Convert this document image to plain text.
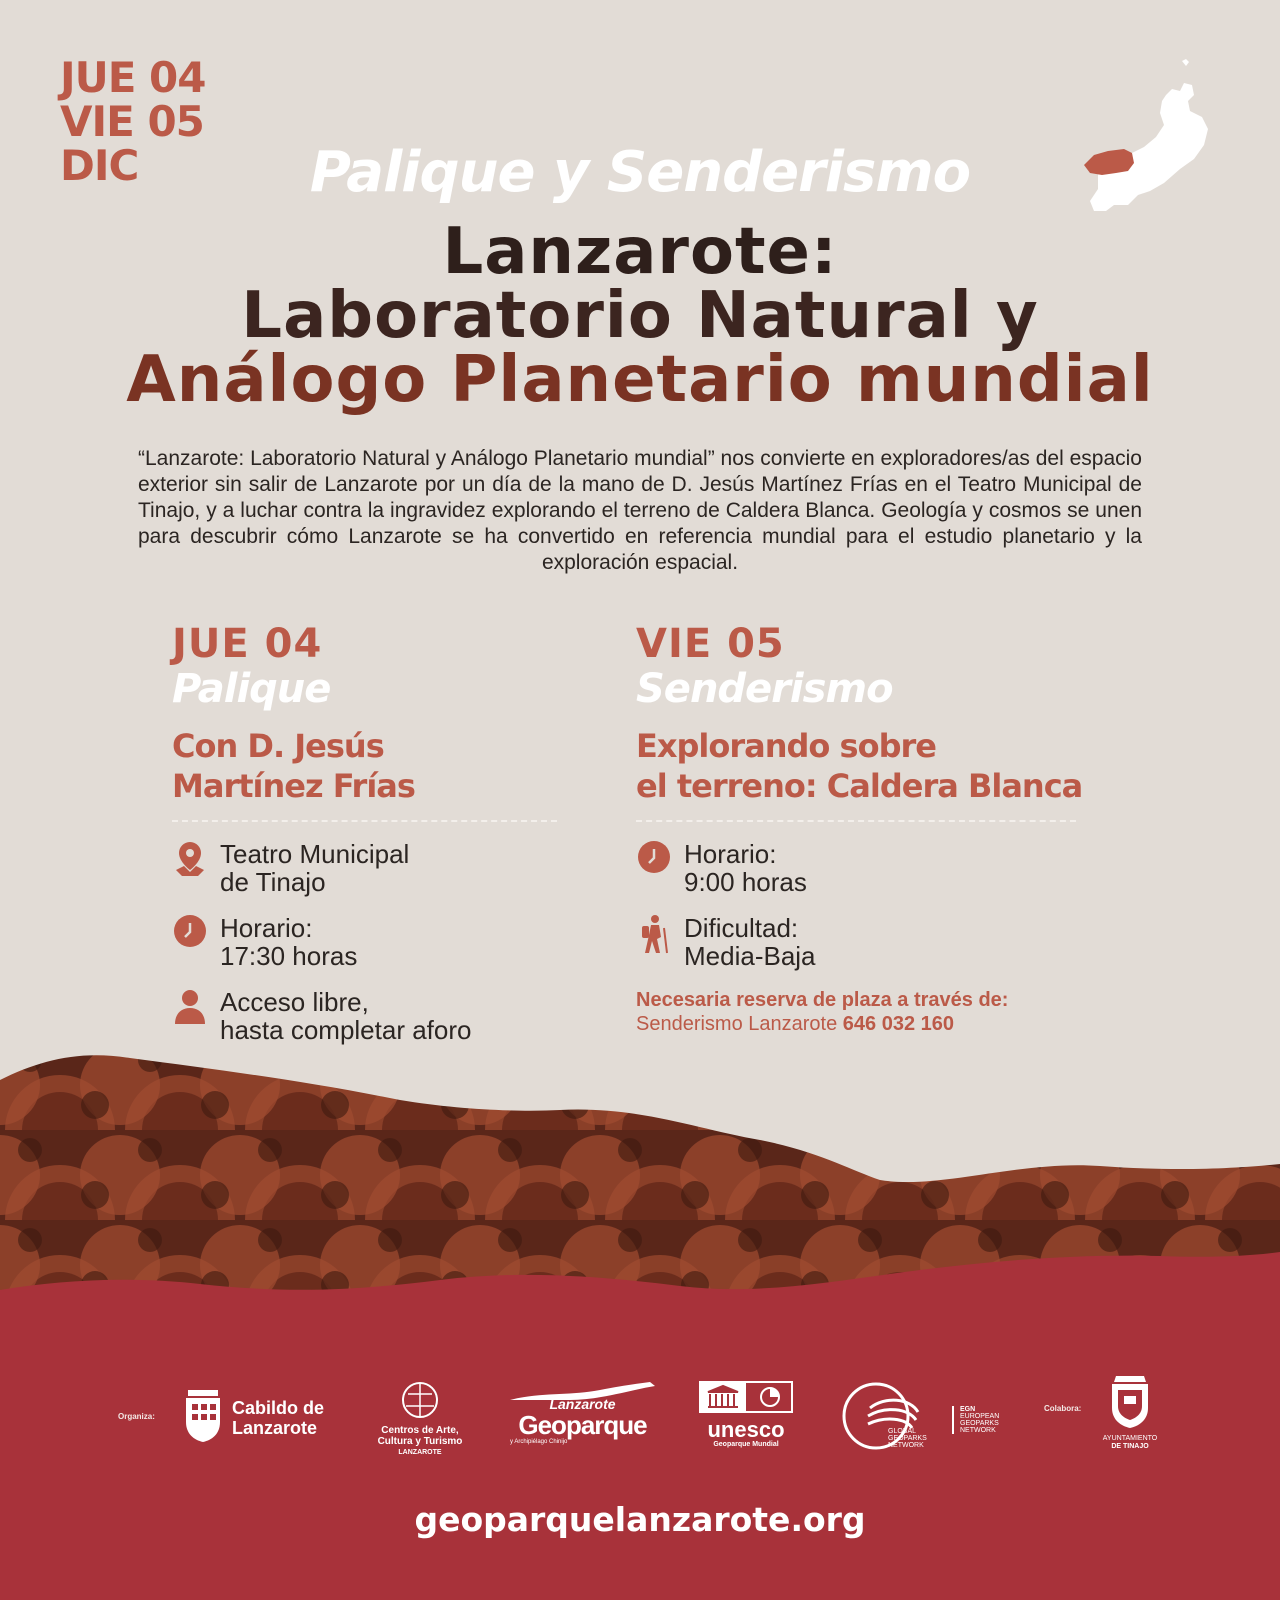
JUE 04
VIE 05
DIC	Palique y Senderismo
Lanzarote:
Laboratorio Natural y
Análogo Planetario mundial
“Lanzarote: Laboratorio Natural y Análogo Planetario mundial” nos convierte en exploradores/as del espacio exterior sin salir de Lanzarote por un día de la mano de D. Jesús Martínez Frías en el Teatro Municipal de Tinajo, y a luchar contra la ingravidez explorando el terreno de Caldera Blanca. Geología y cosmos se unen para descubrir cómo Lanzarote se ha convertido en referencia mundial para el estudio planetario y la exploración espacial.
JUE 04
Palique
Con D. Jesús
Martínez Frías
Teatro Municipal
de Tinajo
Horario:
17:30 horas
Acceso libre,
hasta completar aforo
VIE 05
Senderismo
Explorando sobre
el terreno: Caldera Blanca
Horario:
9:00 horas
Dificultad:
Media-Baja
Necesaria reserva de plaza a través de:
Senderismo Lanzarote 646 032 160
Organiza:	Cabildo de
Lanzarote	Centros de Arte,
Cultura y Turismo
LANZAROTE
Lanzarote
Geoparque
y Archipiélago Chinijo	unesco
Geoparque Mundial
GLOBAL
GEOPARKS
NETWORK
EGN
EUROPEAN
GEOPARKS
NETWORK
Colabora:
AYUNTAMIENTO
DE TINAJO
geoparquelanzarote.org
